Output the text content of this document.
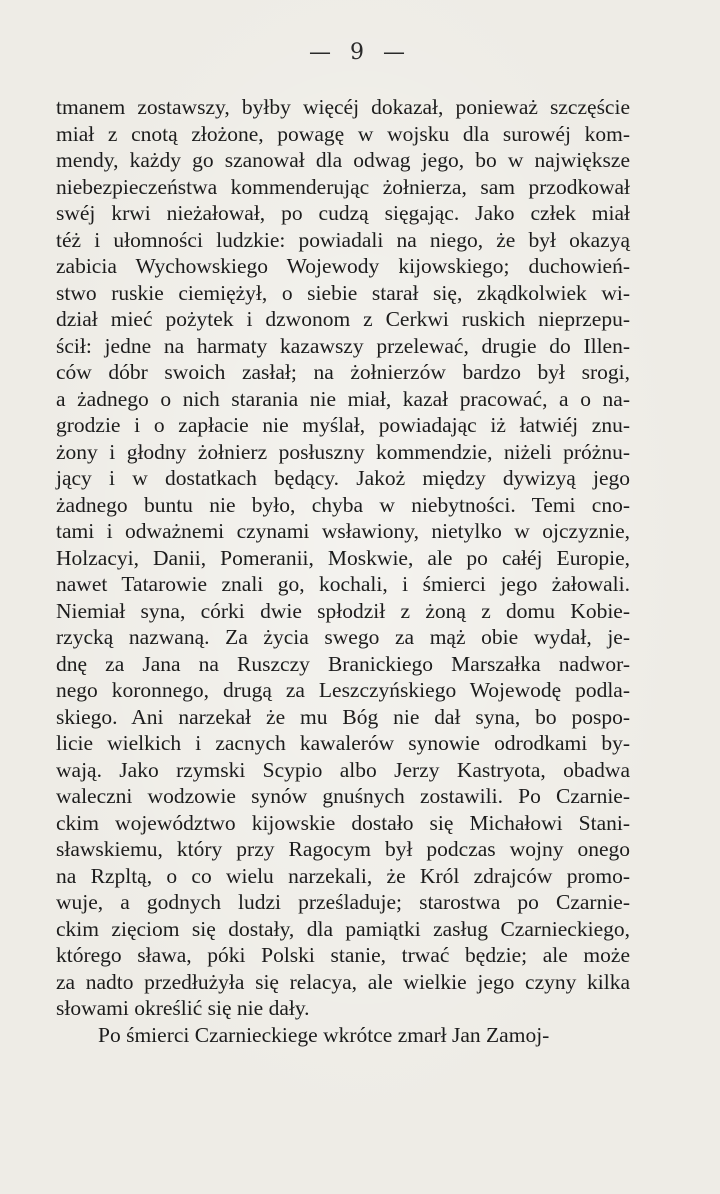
— 9 —
tmanem zostawszy, byłby więcéj dokazał, ponieważ szczęście
miał z cnotą złożone, powagę w wojsku dla surowéj kom-
mendy, każdy go szanował dla odwag jego, bo w największe
niebezpieczeństwa kommenderując żołnierza, sam przodkował
swéj krwi nieżałował, po cudzą sięgając. Jako człek miał
téż i ułomności ludzkie: powiadali na niego, że był okazyą
zabicia Wychowskiego Wojewody kijowskiego; duchowień-
stwo ruskie ciemiężył, o siebie starał się, zkądkolwiek wi-
dział mieć pożytek i dzwonom z Cerkwi ruskich nieprzepu-
ścił: jedne na harmaty kazawszy przelewać, drugie do Illen-
ców dóbr swoich zasłał; na żołnierzów bardzo był srogi,
a żadnego o nich starania nie miał, kazał pracować, a o na-
grodzie i o zapłacie nie myślał, powiadając iż łatwiéj znu-
żony i głodny żołnierz posłuszny kommendzie, niżeli próżnu-
jący i w dostatkach będący. Jakoż między dywizyą jego
żadnego buntu nie było, chyba w niebytności. Temi cno-
tami i odważnemi czynami wsławiony, nietylko w ojczyznie,
Holzacyi, Danii, Pomeranii, Moskwie, ale po całéj Europie,
nawet Tatarowie znali go, kochali, i śmierci jego żałowali.
Niemiał syna, córki dwie spłodził z żoną z domu Kobie-
rzycką nazwaną. Za życia swego za mąż obie wydał, je-
dnę za Jana na Ruszczy Branickiego Marszałka nadwor-
nego koronnego, drugą za Leszczyńskiego Wojewodę podla-
skiego. Ani narzekał że mu Bóg nie dał syna, bo pospo-
licie wielkich i zacnych kawalerów synowie odrodkami by-
wają. Jako rzymski Scypio albo Jerzy Kastryota, obadwa
waleczni wodzowie synów gnuśnych zostawili. Po Czarnie-
ckim województwo kijowskie dostało się Michałowi Stani-
sławskiemu, który przy Ragocym był podczas wojny onego
na Rzpltą, o co wielu narzekali, że Król zdrajców promo-
wuje, a godnych ludzi prześladuje; starostwa po Czarnie-
ckim zięciom się dostały, dla pamiątki zasług Czarnieckiego,
którego sława, póki Polski stanie, trwać będzie; ale może
za nadto przedłużyła się relacya, ale wielkie jego czyny kilka
słowami określić się nie dały.
Po śmierci Czarnieckiege wkrótce zmarł Jan Zamoj-
